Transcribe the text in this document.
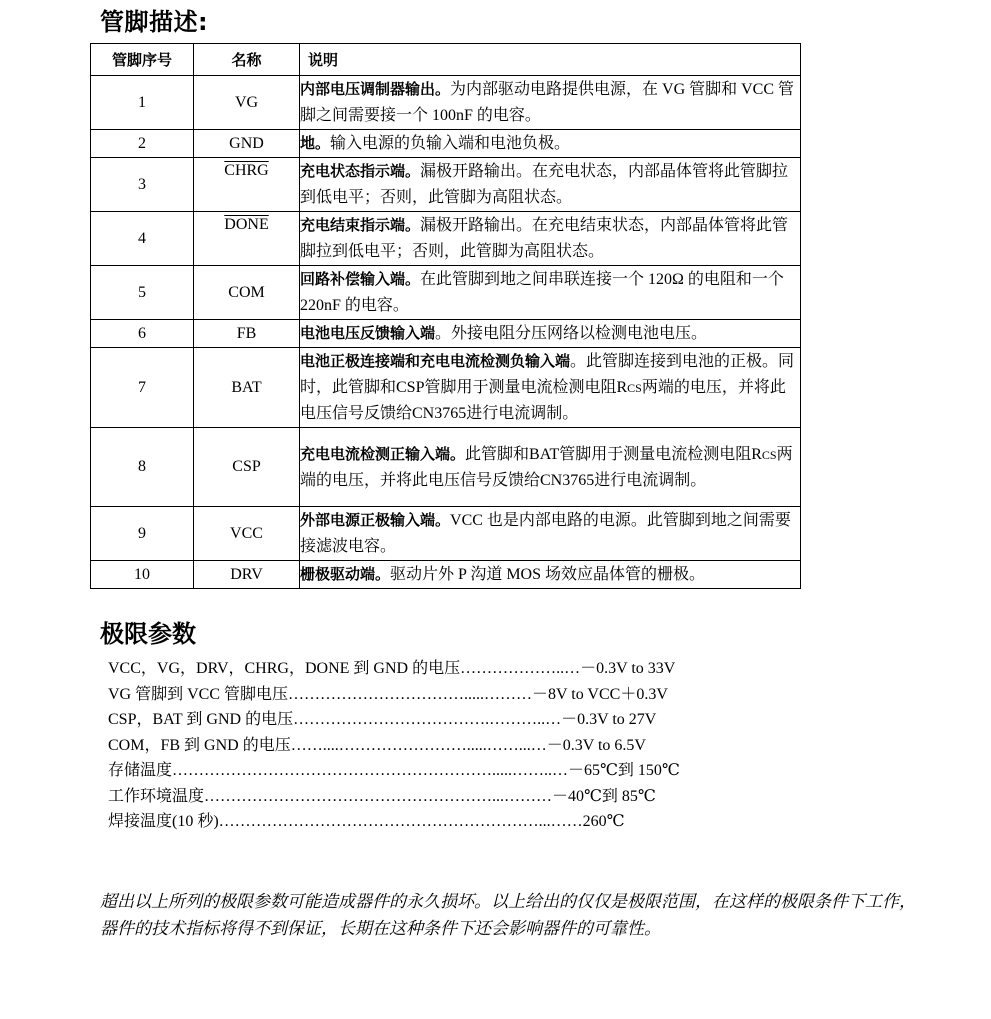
管脚描述:
管脚序号	名称	说明
1	VG	内部电压调制器输出。为内部驱动电路提供电源，在 VG 管脚和 VCC 管脚之间需要接一个 100nF 的电容。
2	GND	地。输入电源的负输入端和电池负极。
3	CHRG	充电状态指示端。漏极开路输出。在充电状态，内部晶体管将此管脚拉到低电平；否则，此管脚为高阻状态。
4	DONE	充电结束指示端。漏极开路输出。在充电结束状态，内部晶体管将此管脚拉到低电平；否则，此管脚为高阻状态。
5	COM	回路补偿输入端。在此管脚到地之间串联连接一个 120Ω 的电阻和一个 220nF 的电容。
6	FB	电池电压反馈输入端。外接电阻分压网络以检测电池电压。
7	BAT	电池正极连接端和充电电流检测负输入端。此管脚连接到电池的正极。同时，此管脚和CSP管脚用于测量电流检测电阻RCS两端的电压，并将此电压信号反馈给CN3765进行电流调制。
8	CSP	充电电流检测正输入端。此管脚和BAT管脚用于测量电流检测电阻RCS两端的电压，并将此电压信号反馈给CN3765进行电流调制。
9	VCC	外部电源正极输入端。VCC 也是内部电路的电源。此管脚到地之间需要接滤波电容。
10	DRV	栅极驱动端。驱动片外 P 沟道 MOS 场效应晶体管的栅极。
极限参数
VCC，VG，DRV，CHRG，DONE 到 GND 的电压………………..…－0.3V to 33V
VG 管脚到 VCC 管脚电压…………………………….....………－8V to VCC＋0.3V
CSP，BAT 到 GND 的电压……………………………….………..…－0.3V to 27V
COM，FB 到 GND 的电压……....…………………….....……...…－0.3V to 6.5V
存储温度…………………………………………………….....……..…－65℃到 150℃
工作环境温度………………………………………………...………－40℃到 85℃
焊接温度(10 秒)……………………………………………………...……260℃
超出以上所列的极限参数可能造成器件的永久损坏。以上给出的仅仅是极限范围，在这样的极限条件下工作，
器件的技术指标将得不到保证，长期在这种条件下还会影响器件的可靠性。
